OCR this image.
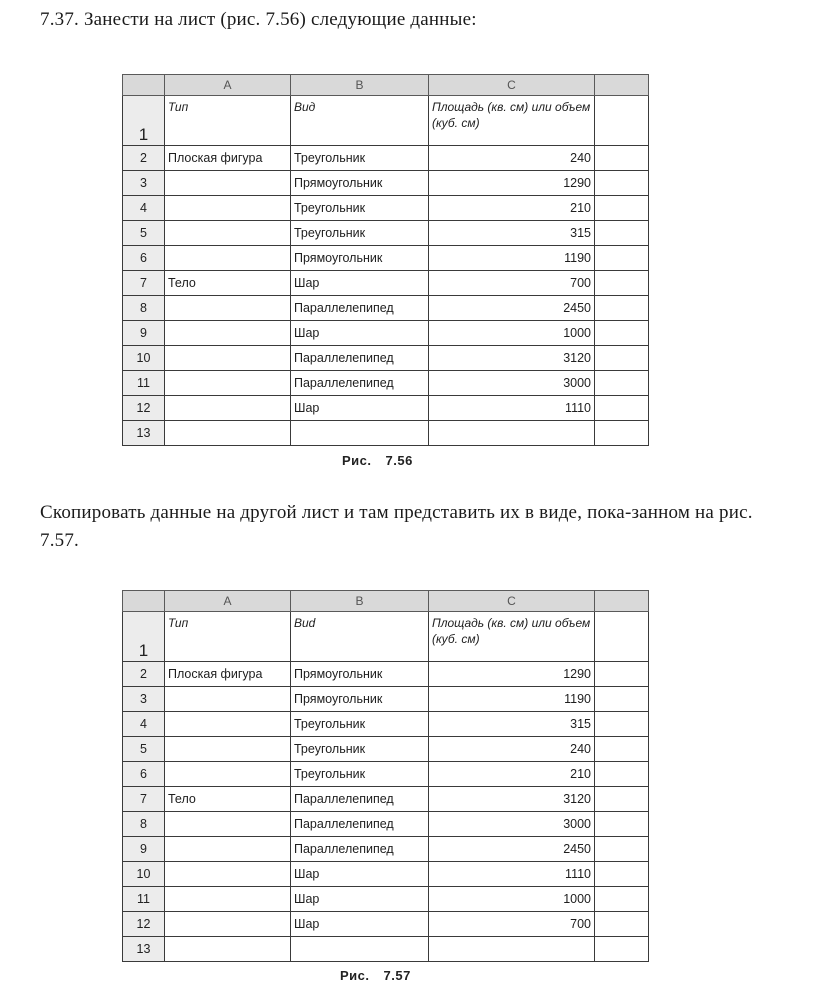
7.37. Занести на лист (рис. 7.56) следующие данные:
	A	B	C	
1	Тип	Вид	Площадь (кв. см) или объем (куб. см)	
2	Плоская фигура	Треугольник	240	
3		Прямоугольник	1290	
4		Треугольник	210	
5		Треугольник	315	
6		Прямоугольник	1190	
7	Тело	Шар	700	
8		Параллелепипед	2450	
9		Шар	1000	
10		Параллелепипед	3120	
11		Параллелепипед	3000	
12		Шар	1110	
13				
Рис. 7.56
Скопировать данные на другой лист и там представить их в виде, пока-занном на рис. 7.57.
	A	B	C	
1	Тип	Bud	Площадь (кв. см) или объем (куб. см)	
2	Плоская фигура	Прямоугольник	1290	
3		Прямоугольник	1190	
4		Треугольник	315	
5		Треугольник	240	
6		Треугольник	210	
7	Тело	Параллелепипед	3120	
8		Параллелепипед	3000	
9		Параллелепипед	2450	
10		Шар	1110	
11		Шар	1000	
12		Шар	700	
13				
Рис. 7.57
